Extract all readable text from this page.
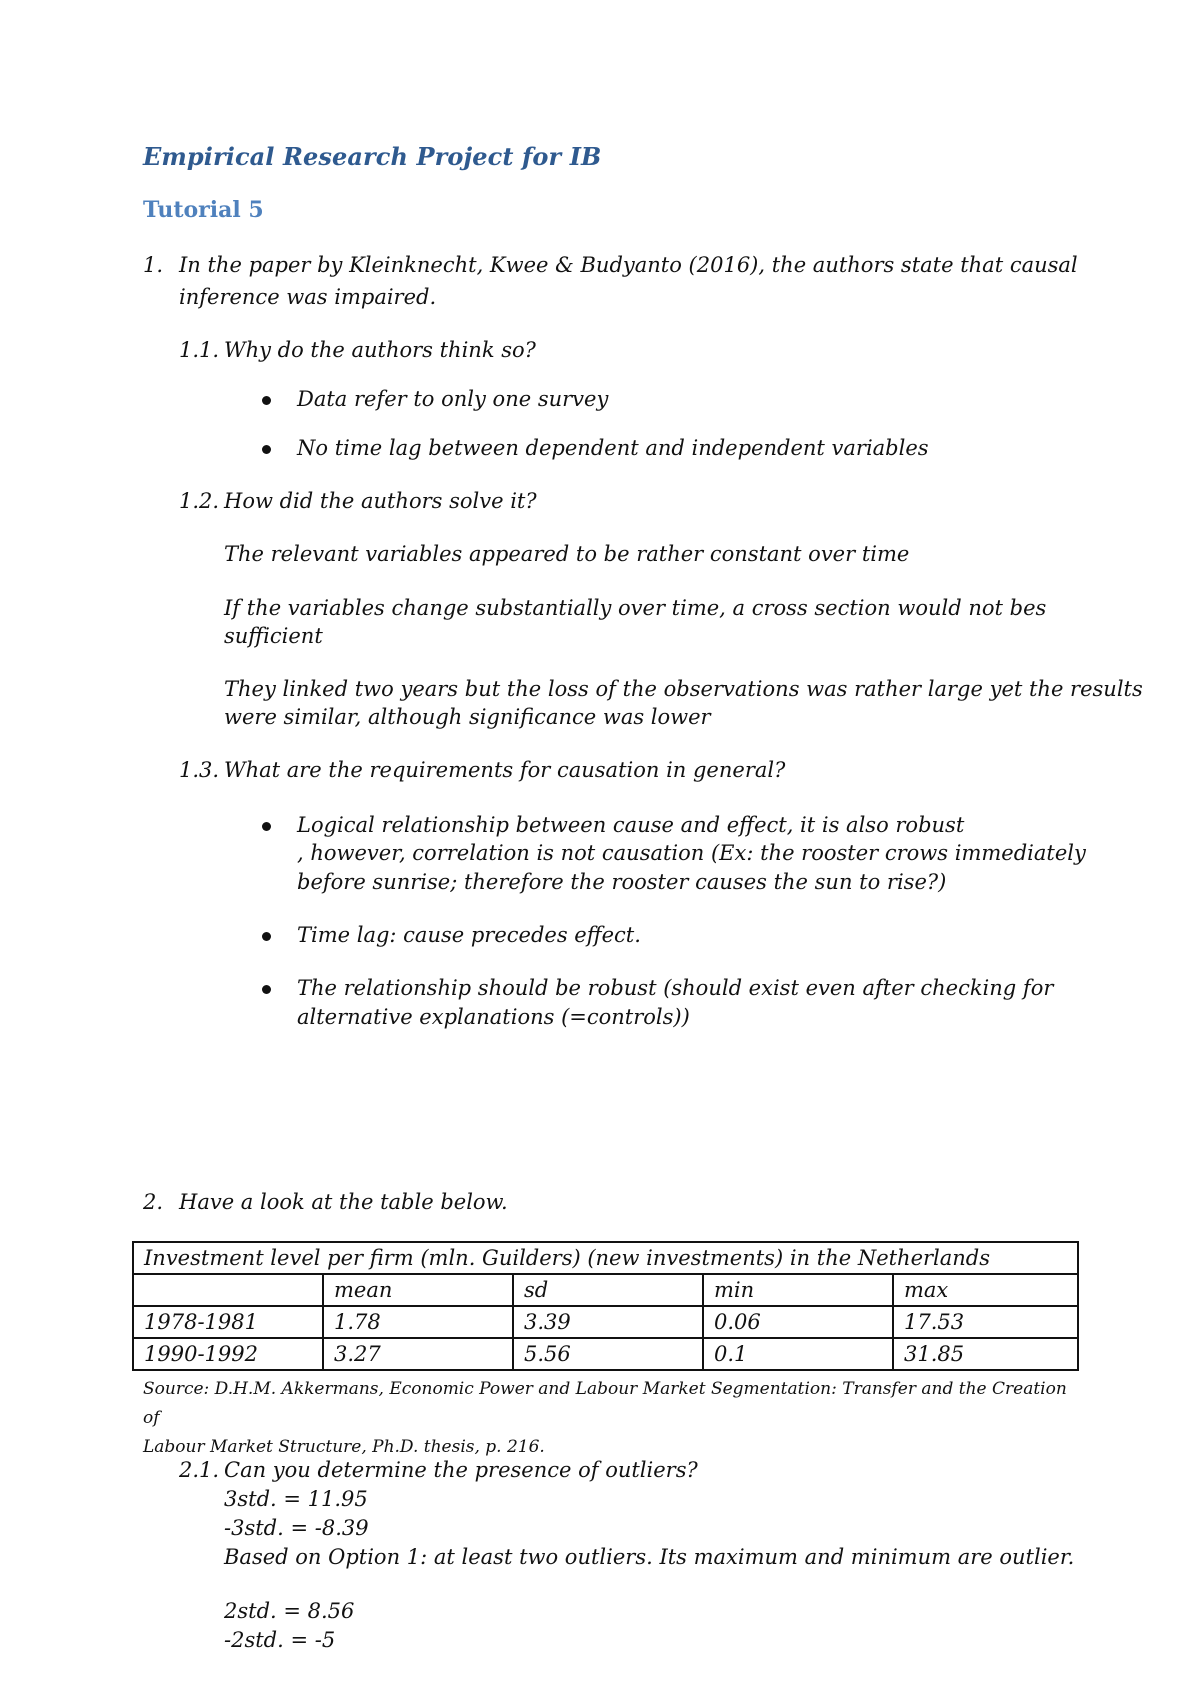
Empirical Research Project for IB
Tutorial 5
1. In the paper by Kleinknecht, Kwee & Budyanto (2016), the authors state that causal
inference was impaired.
1.1. Why do the authors think so?
Data refer to only one survey
No time lag between dependent and independent variables
1.2. How did the authors solve it?
The relevant variables appeared to be rather constant over time
If the variables change substantially over time, a cross section would not bes
sufficient
They linked two years but the loss of the observations was rather large yet the results
were similar, although significance was lower
1.3. What are the requirements for causation in general?
Logical relationship between cause and effect, it is also robust
, however, correlation is not causation (Ex: the rooster crows immediately
before sunrise; therefore the rooster causes the sun to rise?)
Time lag: cause precedes effect.
The relationship should be robust (should exist even after checking for
alternative explanations (=controls))
2. Have a look at the table below.
Investment level per firm (mln. Guilders) (new investments) in the Netherlands				
	mean	sd	min	max
1978-1981	1.78	3.39	0.06	17.53
1990-1992	3.27	5.56	0.1	31.85
Source: D.H.M. Akkermans, Economic Power and Labour Market Segmentation: Transfer and the Creation of
Labour Market Structure, Ph.D. thesis, p. 216.
2.1. Can you determine the presence of outliers?
3std. = 11.95
-3std. = -8.39
Based on Option 1: at least two outliers. Its maximum and minimum are outlier.
2std. = 8.56
-2std. = -5
